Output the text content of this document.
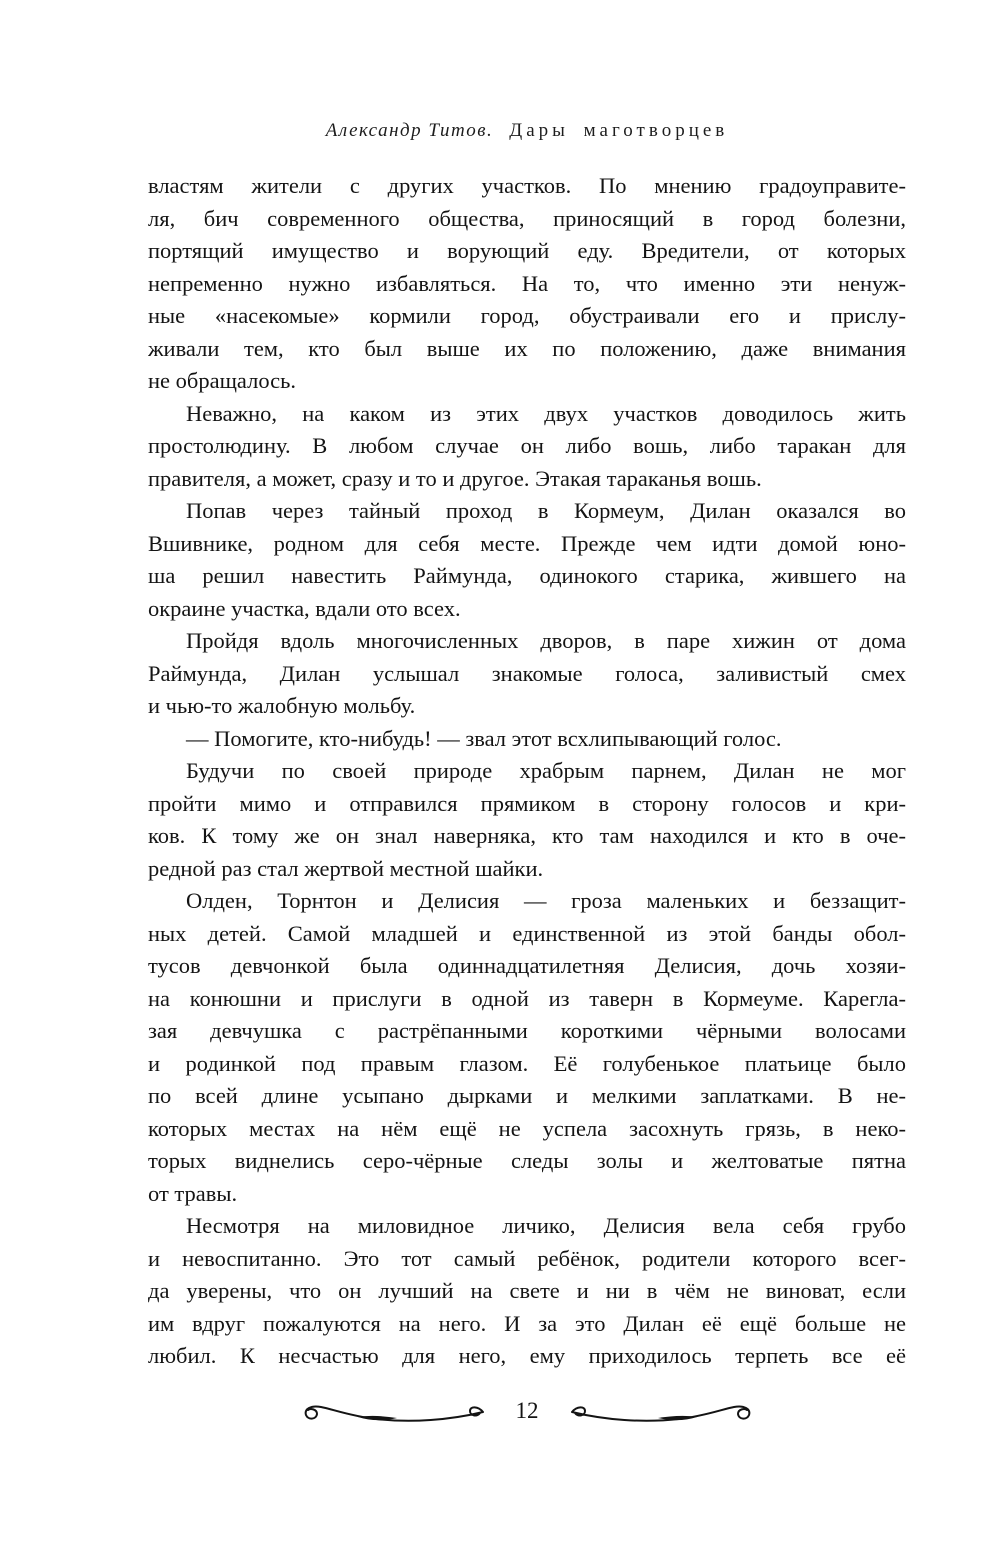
Александр Титов. Дары маготворцев
властям жители с других участков. По мнению градоуправите-
ля, бич современного общества, приносящий в город болезни,
портящий имущество и ворующий еду. Вредители, от которых
непременно нужно избавляться. На то, что именно эти ненуж-
ные «насекомые» кормили город, обустраивали его и прислу-
живали тем, кто был выше их по положению, даже внимания
не обращалось.
Неважно, на каком из этих двух участков доводилось жить
простолюдину. В любом случае он либо вошь, либо таракан для
правителя, а может, сразу и то и другое. Этакая тараканья вошь.
Попав через тайный проход в Кормеум, Дилан оказался во
Вшивнике, родном для себя месте. Прежде чем идти домой юно-
ша решил навестить Раймунда, одинокого старика, жившего на
окраине участка, вдали ото всех.
Пройдя вдоль многочисленных дворов, в паре хижин от дома
Раймунда, Дилан услышал знакомые голоса, заливистый смех
и чью-то жалобную мольбу.
— Помогите, кто-нибудь! — звал этот всхлипывающий голос.
Будучи по своей природе храбрым парнем, Дилан не мог
пройти мимо и отправился прямиком в сторону голосов и кри-
ков. К тому же он знал наверняка, кто там находился и кто в оче-
редной раз стал жертвой местной шайки.
Олден, Торнтон и Делисия — гроза маленьких и беззащит-
ных детей. Самой младшей и единственной из этой банды обол-
тусов девчонкой была одиннадцатилетняя Делисия, дочь хозяи-
на конюшни и прислуги в одной из таверн в Кормеуме. Карегла-
зая девчушка с растрёпанными короткими чёрными волосами
и родинкой под правым глазом. Её голубенькое платьице было
по всей длине усыпано дырками и мелкими заплатками. В не-
которых местах на нём ещё не успела засохнуть грязь, в неко-
торых виднелись серо-чёрные следы золы и желтоватые пятна
от травы.
Несмотря на миловидное личико, Делисия вела себя грубо
и невоспитанно. Это тот самый ребёнок, родители которого всег-
да уверены, что он лучший на свете и ни в чём не виноват, если
им вдруг пожалуются на него. И за это Дилан её ещё больше не
любил. К несчастью для него, ему приходилось терпеть все её
12
